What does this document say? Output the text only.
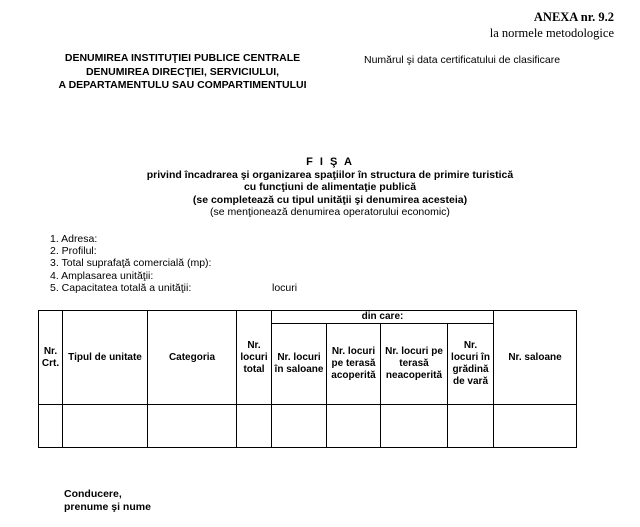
ANEXA nr. 9.2
la normele metodologice
DENUMIREA INSTITUŢIEI PUBLICE CENTRALE
DENUMIREA DIRECŢIEI, SERVICIULUI,
A DEPARTAMENTULU SAU COMPARTIMENTULUI
Numărul şi data certificatului de clasificare
F I Ş A
privind încadrarea şi organizarea spaţiilor în structura de primire turistică
cu funcţiuni de alimentaţie publică
(se completează cu tipul unităţii şi denumirea acesteia)
(se menţionează denumirea operatorului economic)
1. Adresa:
2. Profilul:
3. Total suprafaţă comercială (mp):
4. Amplasarea unităţii:
5. Capacitatea totală a unităţii:	locuri
Nr. Crt.	Tipul de unitate	Categoria	Nr. locuri total	din care:				Nr. saloane
				Nr. locuri în saloane	Nr. locuri pe terasă acoperită	Nr. locuri pe terasă neacoperită	Nr. locuri în grădină de vară	

Conducere,
prenume şi nume
